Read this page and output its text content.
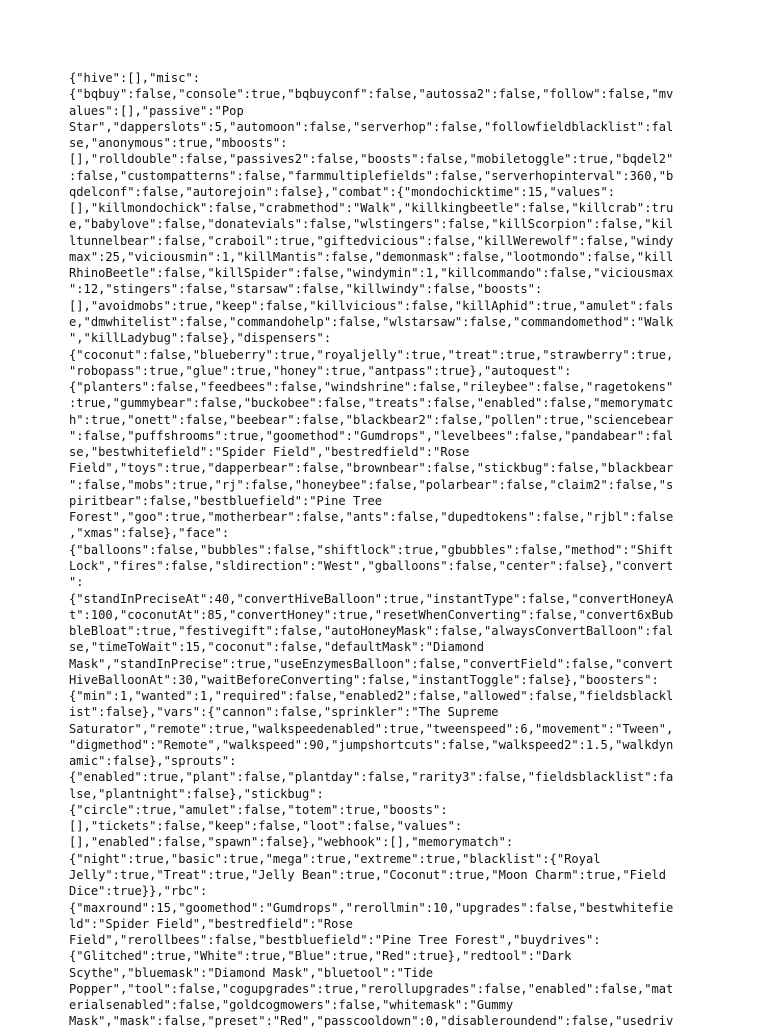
{"hive":[],"misc":
{"bqbuy":false,"console":true,"bqbuyconf":false,"autossa2":false,"follow":false,"mv
alues":[],"passive":"Pop
Star","dapperslots":5,"automoon":false,"serverhop":false,"followfieldblacklist":fal
se,"anonymous":true,"mboosts":
[],"rolldouble":false,"passives2":false,"boosts":false,"mobiletoggle":true,"bqdel2"
:false,"custompatterns":false,"farmmultiplefields":false,"serverhopinterval":360,"b
qdelconf":false,"autorejoin":false},"combat":{"mondochicktime":15,"values":
[],"killmondochick":false,"crabmethod":"Walk","killkingbeetle":false,"killcrab":tru
e,"babylove":false,"donatevials":false,"wlstingers":false,"killScorpion":false,"kil
ltunnelbear":false,"craboil":true,"giftedvicious":false,"killWerewolf":false,"windy
max":25,"viciousmin":1,"killMantis":false,"demonmask":false,"lootmondo":false,"kill
RhinoBeetle":false,"killSpider":false,"windymin":1,"killcommando":false,"viciousmax
":12,"stingers":false,"starsaw":false,"killwindy":false,"boosts":
[],"avoidmobs":true,"keep":false,"killvicious":false,"killAphid":true,"amulet":fals
e,"dmwhitelist":false,"commandohelp":false,"wlstarsaw":false,"commandomethod":"Walk
","killLadybug":false},"dispensers":
{"coconut":false,"blueberry":true,"royaljelly":true,"treat":true,"strawberry":true,
"robopass":true,"glue":true,"honey":true,"antpass":true},"autoquest":
{"planters":false,"feedbees":false,"windshrine":false,"rileybee":false,"ragetokens"
:true,"gummybear":false,"buckobee":false,"treats":false,"enabled":false,"memorymatc
h":true,"onett":false,"beebear":false,"blackbear2":false,"pollen":true,"sciencebear
":false,"puffshrooms":true,"goomethod":"Gumdrops","levelbees":false,"pandabear":fal
se,"bestwhitefield":"Spider Field","bestredfield":"Rose
Field","toys":true,"dapperbear":false,"brownbear":false,"stickbug":false,"blackbear
":false,"mobs":true,"rj":false,"honeybee":false,"polarbear":false,"claim2":false,"s
piritbear":false,"bestbluefield":"Pine Tree
Forest","goo":true,"motherbear":false,"ants":false,"dupedtokens":false,"rjbl":false
,"xmas":false},"face":
{"balloons":false,"bubbles":false,"shiftlock":true,"gbubbles":false,"method":"Shift
Lock","fires":false,"sldirection":"West","gballoons":false,"center":false},"convert
":
{"standInPreciseAt":40,"convertHiveBalloon":true,"instantType":false,"convertHoneyA
t":100,"coconutAt":85,"convertHoney":true,"resetWhenConverting":false,"convert6xBub
bleBloat":true,"festivegift":false,"autoHoneyMask":false,"alwaysConvertBalloon":fal
se,"timeToWait":15,"coconut":false,"defaultMask":"Diamond
Mask","standInPrecise":true,"useEnzymesBalloon":false,"convertField":false,"convert
HiveBalloonAt":30,"waitBeforeConverting":false,"instantToggle":false},"boosters":
{"min":1,"wanted":1,"required":false,"enabled2":false,"allowed":false,"fieldsblackl
ist":false},"vars":{"cannon":false,"sprinkler":"The Supreme
Saturator","remote":true,"walkspeedenabled":true,"tweenspeed":6,"movement":"Tween",
"digmethod":"Remote","walkspeed":90,"jumpshortcuts":false,"walkspeed2":1.5,"walkdyn
amic":false},"sprouts":
{"enabled":true,"plant":false,"plantday":false,"rarity3":false,"fieldsblacklist":fa
lse,"plantnight":false},"stickbug":
{"circle":true,"amulet":false,"totem":true,"boosts":
[],"tickets":false,"keep":false,"loot":false,"values":
[],"enabled":false,"spawn":false},"webhook":[],"memorymatch":
{"night":true,"basic":true,"mega":true,"extreme":true,"blacklist":{"Royal
Jelly":true,"Treat":true,"Jelly Bean":true,"Coconut":true,"Moon Charm":true,"Field
Dice":true}},"rbc":
{"maxround":15,"goomethod":"Gumdrops","rerollmin":10,"upgrades":false,"bestwhitefie
ld":"Spider Field","bestredfield":"Rose
Field","rerollbees":false,"bestbluefield":"Pine Tree Forest","buydrives":
{"Glitched":true,"White":true,"Blue":true,"Red":true},"redtool":"Dark
Scythe","bluemask":"Diamond Mask","bluetool":"Tide
Popper","tool":false,"cogupgrades":true,"rerollupgrades":false,"enabled":false,"mat
erialsenabled":false,"goldcogmowers":false,"whitemask":"Gummy
Mask","mask":false,"preset":"Red","passcooldown":0,"disableroundend":false,"usedriv
